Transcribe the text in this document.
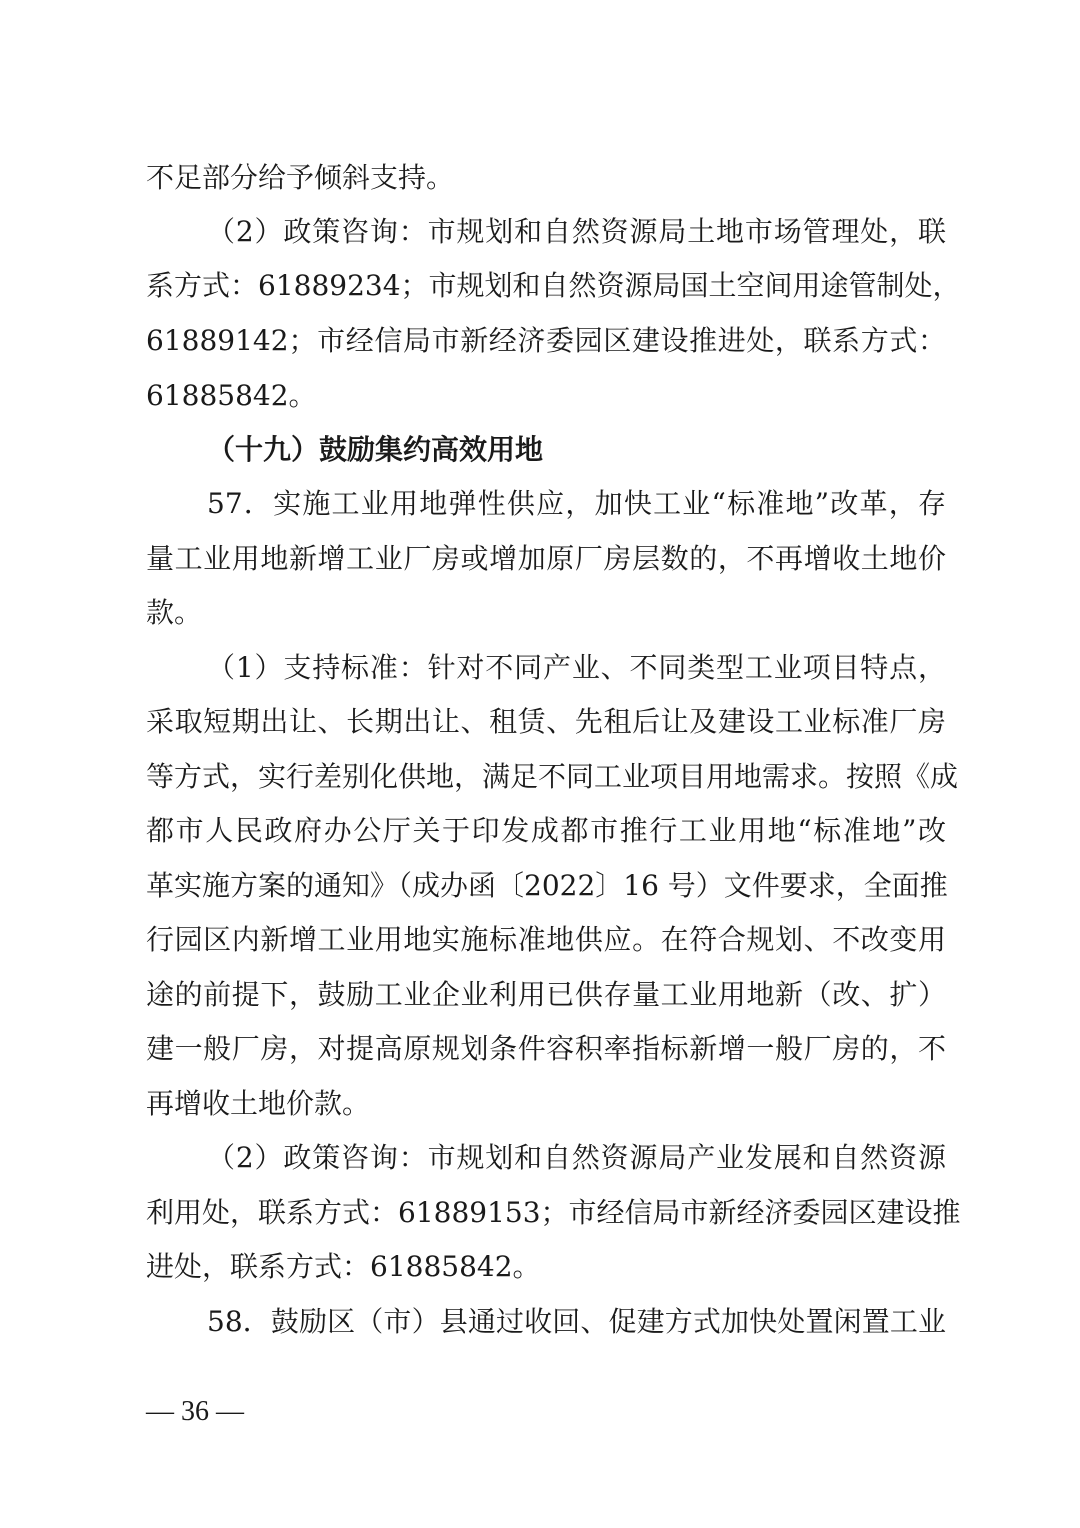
不足部分给予倾斜支持。
（2）政策咨询：市规划和自然资源局土地市场管理处，联
系方式：61889234；市规划和自然资源局国土空间用途管制处，
61889142；市经信局市新经济委园区建设推进处，联系方式：
61885842。
（十九）鼓励集约高效用地
57．实施工业用地弹性供应，加快工业“标准地”改革，存
量工业用地新增工业厂房或增加原厂房层数的，不再增收土地价
款。
（1）支持标准：针对不同产业、不同类型工业项目特点，
采取短期出让、长期出让、租赁、先租后让及建设工业标准厂房
等方式，实行差别化供地，满足不同工业项目用地需求。按照《成
都市人民政府办公厅关于印发成都市推行工业用地“标准地”改
革实施方案的通知》（成办函〔2022〕16 号）文件要求，全面推
行园区内新增工业用地实施标准地供应。在符合规划、不改变用
途的前提下，鼓励工业企业利用已供存量工业用地新（改、扩）
建一般厂房，对提高原规划条件容积率指标新增一般厂房的，不
再增收土地价款。
（2）政策咨询：市规划和自然资源局产业发展和自然资源
利用处，联系方式：61889153；市经信局市新经济委园区建设推
进处，联系方式：61885842。
58．鼓励区（市）县通过收回、促建方式加快处置闲置工业
— 36 —
